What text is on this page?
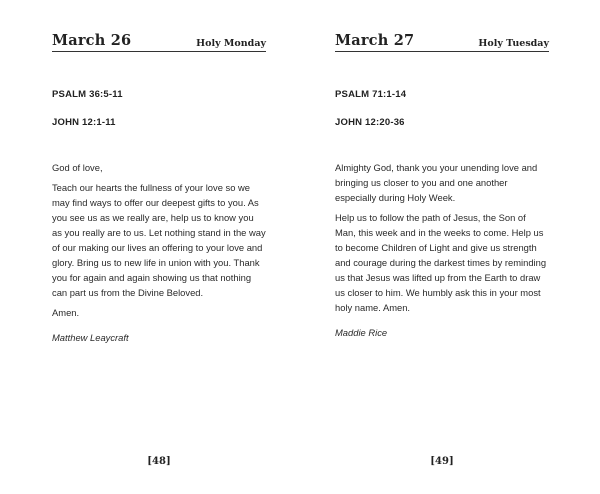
March 26	Holy Monday
PSALM 36:5-11
JOHN 12:1-11

God of love,

Teach our hearts the fullness of your love so we may find ways to offer our deepest gifts to you. As you see us as we really are, help us to know you as you really are to us. Let nothing stand in the way of our making our lives an offering to your love and glory. Bring us to new life in union with you. Thank you for again and again showing us that nothing can part us from the Divine Beloved.

Amen.

Matthew Leaycraft
[48]
March 27	Holy Tuesday
PSALM 71:1-14
JOHN 12:20-36

Almighty God, thank you your unending love and bringing us closer to you and one another especially during Holy Week.

Help us to follow the path of Jesus, the Son of Man, this week and in the weeks to come. Help us to become Children of Light and give us strength and courage during the darkest times by reminding us that Jesus was lifted up from the Earth to draw us closer to him. We humbly ask this in your most holy name. Amen.

Maddie Rice
[49]
